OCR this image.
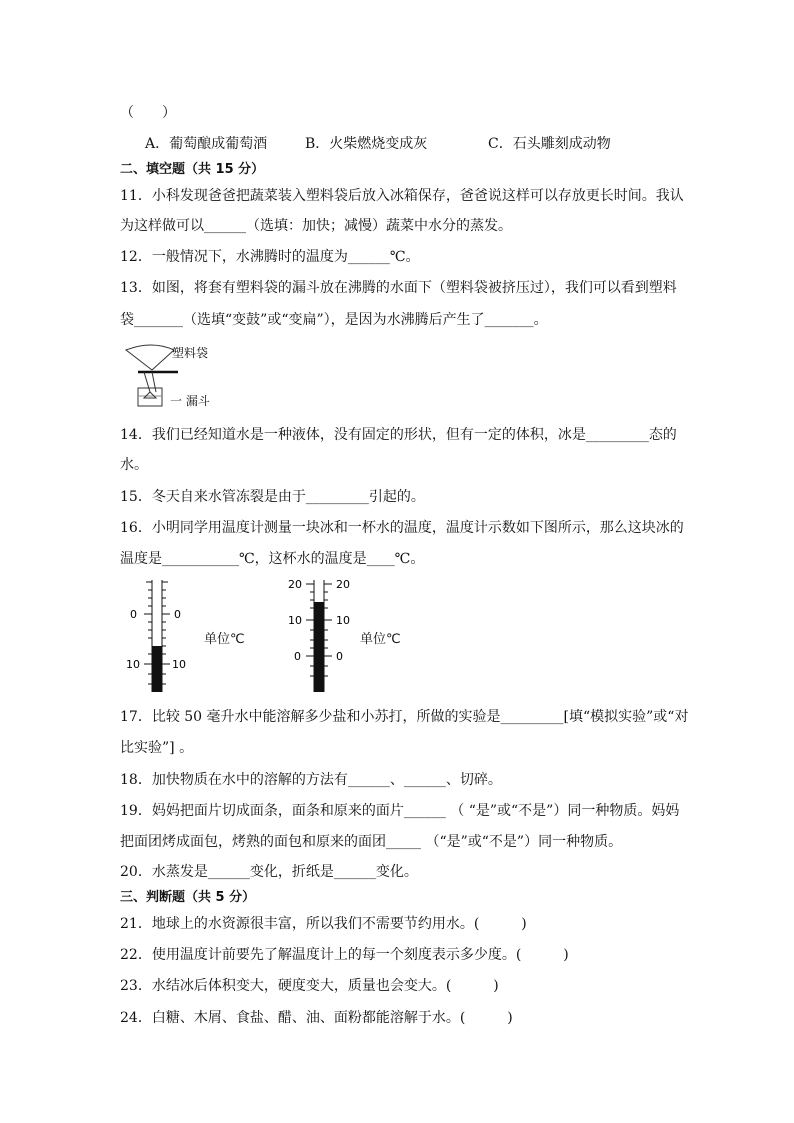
（　　）
A．葡萄酿成葡萄酒	B．火柴燃烧变成灰	C．石头雕刻成动物
二、填空题（共 15 分）
11．小科发现爸爸把蔬菜装入塑料袋后放入冰箱保存，爸爸说这样可以存放更长时间。我认
为这样做可以______（选填：加快；减慢）蔬菜中水分的蒸发。
12．一般情况下，水沸腾时的温度为______℃。
13．如图，将套有塑料袋的漏斗放在沸腾的水面下（塑料袋被挤压过），我们可以看到塑料
袋_______（选填“变鼓”或“变扁”），是因为水沸腾后产生了_______。
塑料袋
一 漏斗
14．我们已经知道水是一种液体，没有固定的形状，但有一定的体积，冰是_________态的
水。
15．冬天自来水管冻裂是由于_________引起的。
16．小明同学用温度计测量一块冰和一杯水的温度，温度计示数如下图所示，那么这块冰的
温度是___________℃，这杯水的温度是____℃。
0	0
10	10
单位℃
20	20
10	10
0	0
单位℃
17．比较 50 毫升水中能溶解多少盐和小苏打，所做的实验是_________[填“模拟实验”或“对
比实验”] 。
18．加快物质在水中的溶解的方法有______、______、切碎。
19．妈妈把面片切成面条，面条和原来的面片______ （ “是”或“不是”）同一种物质。妈妈
把面团烤成面包，烤熟的面包和原来的面团_____ （“是”或“不是”）同一种物质。
20．水蒸发是______变化，折纸是______变化。
三、判断题（共 5 分）
21．地球上的水资源很丰富，所以我们不需要节约用水。(　　　)
22．使用温度计前要先了解温度计上的每一个刻度表示多少度。(　　　)
23．水结冰后体积变大，硬度变大，质量也会变大。(　　　)
24．白糖、木屑、食盐、醋、油、面粉都能溶解于水。(　　　)
